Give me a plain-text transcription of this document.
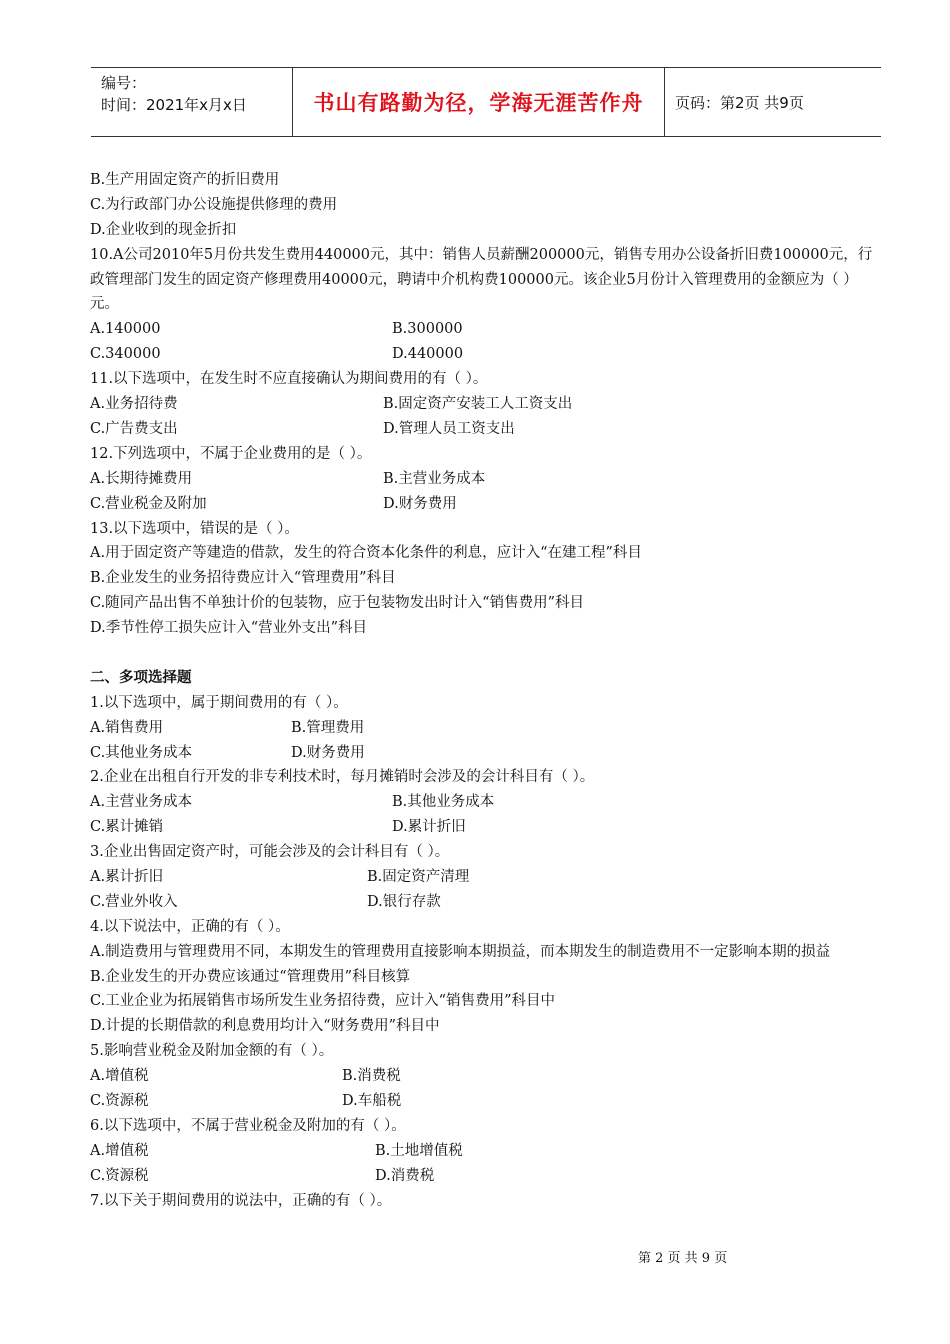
编号：
时间：2021年x月x日	书山有路勤为径，学海无涯苦作舟	页码：第2页 共9页
B.生产用固定资产的折旧费用
C.为行政部门办公设施提供修理的费用
D.企业收到的现金折扣
10.A公司2010年5月份共发生费用440000元，其中：销售人员薪酬200000元，销售专用办公设备折旧费100000元，行政管理部门发生的固定资产修理费用40000元，聘请中介机构费100000元。该企业5月份计入管理费用的金额应为（ ）元。
A.140000	B.300000
C.340000	D.440000
11.以下选项中，在发生时不应直接确认为期间费用的有（ ）。
A.业务招待费	B.固定资产安装工人工资支出
C.广告费支出	D.管理人员工资支出
12.下列选项中，不属于企业费用的是（ ）。
A.长期待摊费用	B.主营业务成本
C.营业税金及附加	D.财务费用
13.以下选项中，错误的是（ ）。
A.用于固定资产等建造的借款，发生的符合资本化条件的利息，应计入“在建工程”科目
B.企业发生的业务招待费应计入“管理费用”科目
C.随同产品出售不单独计价的包装物，应于包装物发出时计入“销售费用”科目
D.季节性停工损失应计入“营业外支出”科目
二、多项选择题
1.以下选项中，属于期间费用的有（ ）。
A.销售费用	B.管理费用
C.其他业务成本	D.财务费用
2.企业在出租自行开发的非专利技术时，每月摊销时会涉及的会计科目有（ ）。
A.主营业务成本	B.其他业务成本
C.累计摊销	D.累计折旧
3.企业出售固定资产时，可能会涉及的会计科目有（ ）。
A.累计折旧	B.固定资产清理
C.营业外收入	D.银行存款
4.以下说法中，正确的有（ ）。
A.制造费用与管理费用不同，本期发生的管理费用直接影响本期损益，而本期发生的制造费用不一定影响本期的损益
B.企业发生的开办费应该通过“管理费用”科目核算
C.工业企业为拓展销售市场所发生业务招待费，应计入“销售费用”科目中
D.计提的长期借款的利息费用均计入“财务费用”科目中
5.影响营业税金及附加金额的有（ ）。
A.增值税	B.消费税
C.资源税	D.车船税
6.以下选项中，不属于营业税金及附加的有（ ）。
A.增值税	B.土地增值税
C.资源税	D.消费税
7.以下关于期间费用的说法中，正确的有（ ）。
第 2 页 共 9 页
